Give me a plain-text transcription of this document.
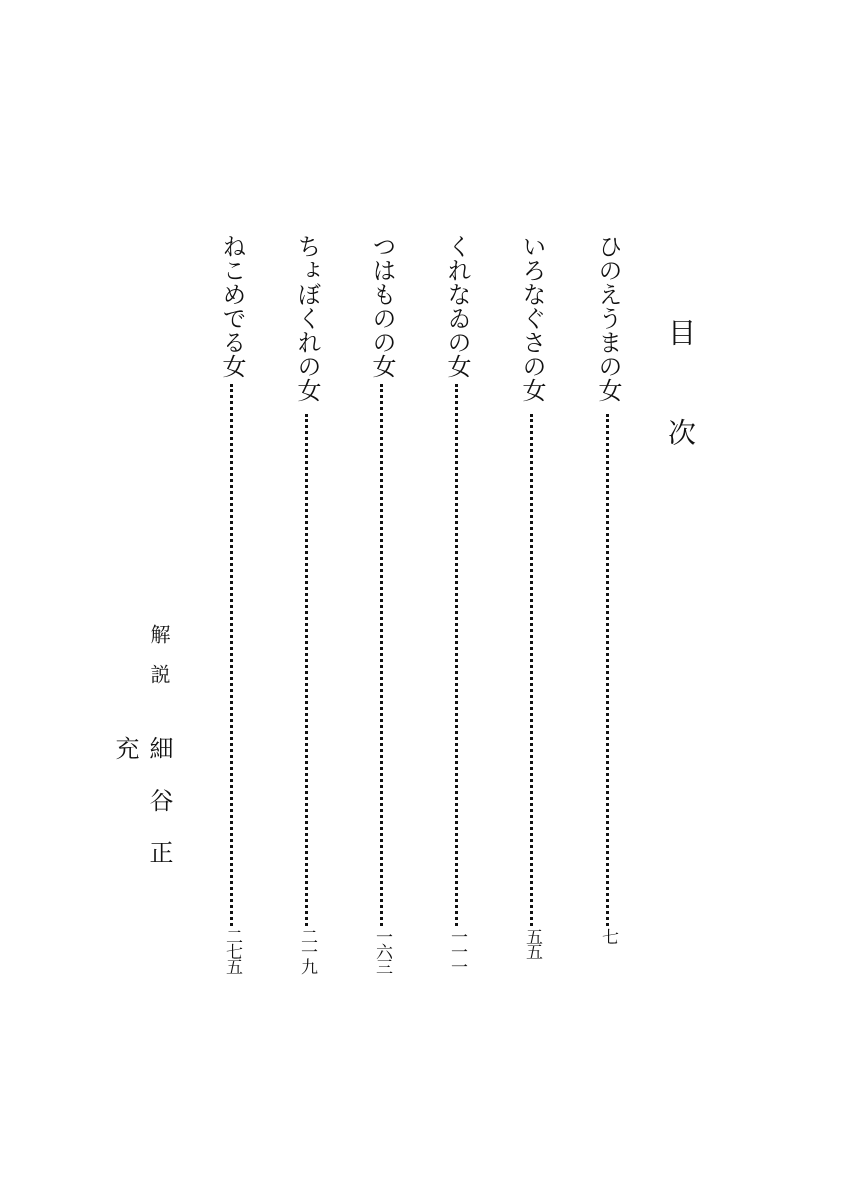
目次
ひのえうまの女
七
いろなぐさの女
五五
くれなゐの女
一一一
つはものの女
一六三
ちょぼくれの女
二一九
ねこめでる女
二七五
解説
細谷正充
